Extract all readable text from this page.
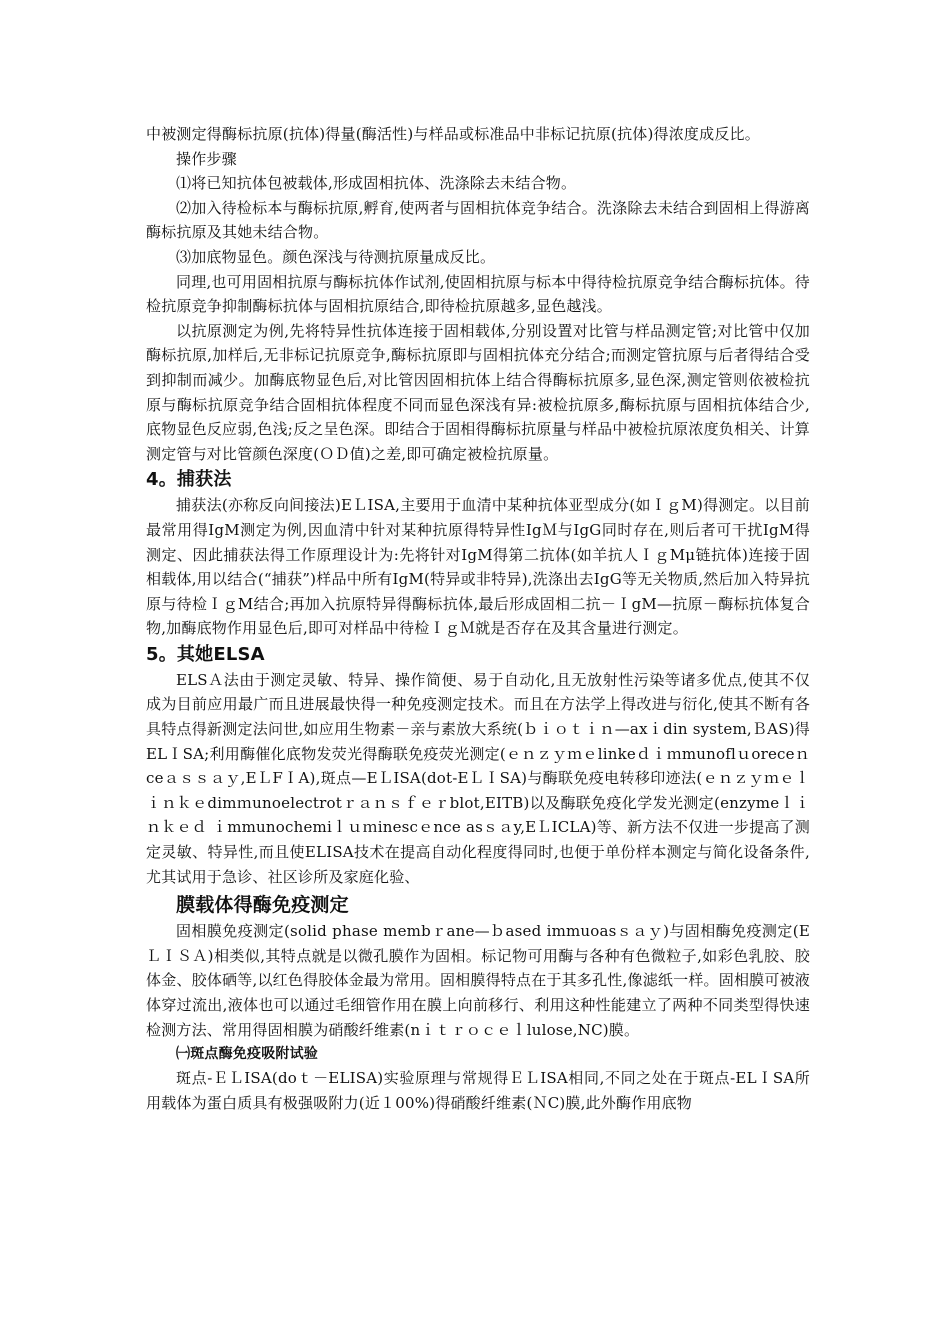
中被测定得酶标抗原(抗体)得量(酶活性)与样品或标准品中非标记抗原(抗体)得浓度成反比。

操作步骤

⑴将已知抗体包被载体,形成固相抗体、洗涤除去未结合物。

⑵加入待检标本与酶标抗原,孵育,使两者与固相抗体竞争结合。洗涤除去未结合到固相上得游离酶标抗原及其她未结合物。

⑶加底物显色。颜色深浅与待测抗原量成反比。

同理,也可用固相抗原与酶标抗体作试剂,使固相抗原与标本中得待检抗原竞争结合酶标抗体。待检抗原竞争抑制酶标抗体与固相抗原结合,即待检抗原越多,显色越浅。

以抗原测定为例,先将特异性抗体连接于固相载体,分别设置对比管与样品测定管;对比管中仅加酶标抗原,加样后,无非标记抗原竞争,酶标抗原即与固相抗体充分结合;而测定管抗原与后者得结合受到抑制而减少。加酶底物显色后,对比管因固相抗体上结合得酶标抗原多,显色深,测定管则依被检抗原与酶标抗原竞争结合固相抗体程度不同而显色深浅有异:被检抗原多,酶标抗原与固相抗体结合少,底物显色反应弱,色浅;反之呈色深。即结合于固相得酶标抗原量与样品中被检抗原浓度负相关、计算测定管与对比管颜色深度(ＯＤ值)之差,即可确定被检抗原量。

4。捕获法

捕获法(亦称反向间接法)EＬISA,主要用于血清中某种抗体亚型成分(如ＩｇM)得测定。以目前最常用得IgM测定为例,因血清中针对某种抗原得特异性IgＭ与IgG同时存在,则后者可干扰IgM得测定、因此捕获法得工作原理设计为:先将针对IgM得第二抗体(如羊抗人ＩｇMμ链抗体)连接于固相载体,用以结合(“捕获”)样品中所有IgM(特异或非特异),洗涤出去IgG等无关物质,然后加入特异抗原与待检ＩｇM结合;再加入抗原特异得酶标抗体,最后形成固相二抗－ＩgM—抗原－酶标抗体复合物,加酶底物作用显色后,即可对样品中待检ＩｇＭ就是否存在及其含量进行测定。

5。其她ELSA

ELSＡ法由于测定灵敏、特异、操作简便、易于自动化,且无放射性污染等诸多优点,使其不仅成为目前应用最广而且进展最快得一种免疫测定技术。而且在方法学上得改进与衍化,使其不断有各具特点得新测定法问世,如应用生物素－亲与素放大系统(ｂｉｏｔｉｎ—axｉdin system,ＢAS)得ELＩSA;利用酶催化底物发荧光得酶联免疫荧光测定(ｅｎｚｙｍｅlinkeｄｉｍmunoflｕoreceｎceａｓｓａｙ,EＬFＩA),斑点—EＬISA(dot-EＬＩSA)与酶联免疫电转移印迹法(ｅｎｚｙｍｅｌｉｎｋｅdimｍunoelectrotｒａｎｓｆｅｒblot,EITB)以及酶联免疫化学发光测定(enzymeｌｉｎｋｅｄ ｉmmunochemiｌｕｍinescｅnce asｓａy,EＬICLA)等、新方法不仅进一步提高了测定灵敏、特异性,而且使ELISA技术在提高自动化程度得同时,也便于单份样本测定与简化设备条件,尤其试用于急诊、社区诊所及家庭化验、

膜载体得酶免疫测定

固相膜免疫测定(solid phase membｒane—ｂased immuoasｓａｙ)与固相酶免疫测定(EＬＩＳＡ)相类似,其特点就是以微孔膜作为固相。标记物可用酶与各种有色微粒子,如彩色乳胶、胶体金、胶体硒等,以红色得胶体金最为常用。固相膜得特点在于其多孔性,像滤纸一样。固相膜可被液体穿过流出,液体也可以通过毛细管作用在膜上向前移行、利用这种性能建立了两种不同类型得快速检测方法、常用得固相膜为硝酸纤维素(nｉｔｒｏｃｅｌlulose,NC)膜。

㈠斑点酶免疫吸附试验

斑点-ＥＬISA(doｔ－ELISA)实验原理与常规得ＥＬISA相同,不同之处在于斑点-ELＩSA所用载体为蛋白质具有极强吸附力(近１00%)得硝酸纤维素(ＮC)膜,此外酶作用底物
